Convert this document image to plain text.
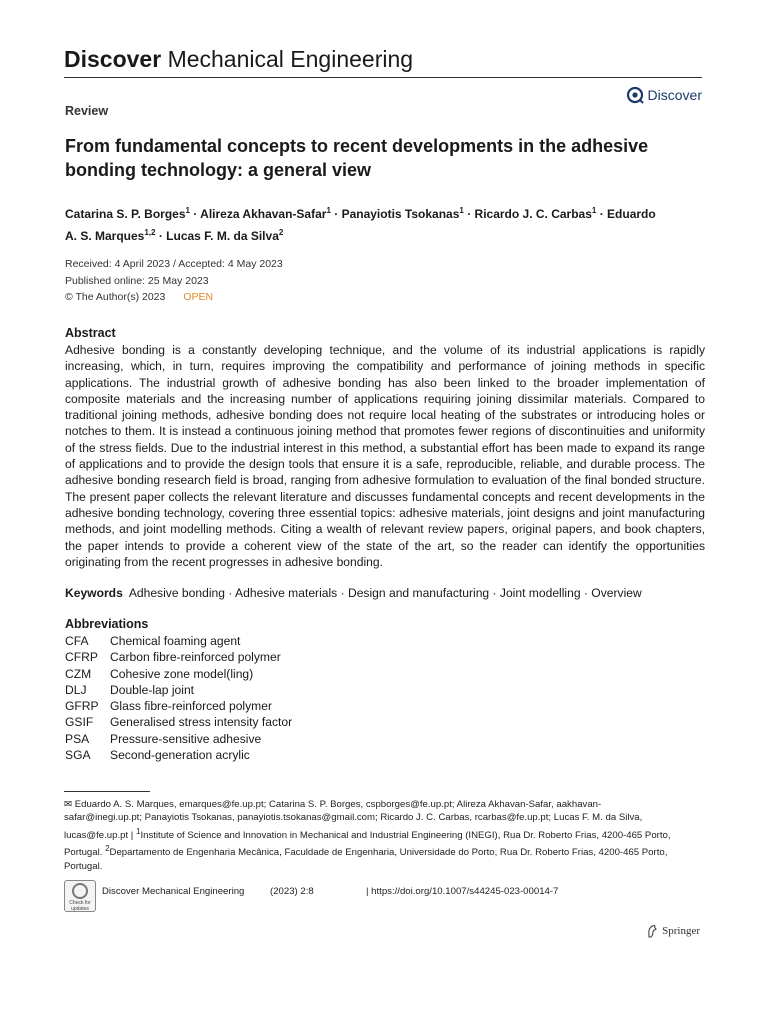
Discover Mechanical Engineering
Discover
Review
From fundamental concepts to recent developments in the adhesive bonding technology: a general view
Catarina S. P. Borges$^1$ · Alireza Akhavan-Safar$^1$ · Panayiotis Tsokanas$^1$ · Ricardo J. C. Carbas$^1$ · Eduardo A. S. Marques$^{1,2}$ · Lucas F. M. da Silva$^2$
Received: 4 April 2023 / Accepted: 4 May 2023
Published online: 25 May 2023
© The Author(s) 2023 OPEN
Abstract
Adhesive bonding is a constantly developing technique, and the volume of its industrial applications is rapidly increasing, which, in turn, requires improving the compatibility and performance of joining methods in specific applications. The industrial growth of adhesive bonding has also been linked to the broader implementation of composite materials and the increasing number of applications requiring joining dissimilar materials. Compared to traditional joining methods, adhesive bonding does not require local heating of the substrates or introducing holes or notches to them. It is instead a continuous joining method that promotes fewer regions of discontinuities and uniformity of the stress fields. Due to the industrial interest in this method, a substantial effort has been made to expand its range of applications and to provide the design tools that ensure it is a safe, reproducible, reliable, and durable process. The adhesive bonding research field is broad, ranging from adhesive formulation to evaluation of the final bonded structure. The present paper collects the relevant literature and discusses fundamental concepts and recent developments in the adhesive bonding technology, covering three essential topics: adhesive materials, joint designs and joint manufacturing methods, and joint modelling methods. Citing a wealth of relevant review papers, original papers, and book chapters, the paper intends to provide a coherent view of the state of the art, so the reader can identify the opportunities originating from the recent progresses in adhesive bonding.
Keywords Adhesive bonding · Adhesive materials · Design and manufacturing · Joint modelling · Overview
Abbreviations
CFA	Chemical foaming agent
CFRP Carbon fibre-reinforced polymer
CZM	Cohesive zone model(ling)
DLJ	Double-lap joint
GFRP Glass fibre-reinforced polymer
GSIF	Generalised stress intensity factor
PSA	Pressure-sensitive adhesive
SGA	Second-generation acrylic
✉ Eduardo A. S. Marques, emarques@fe.up.pt; Catarina S. P. Borges, cspborges@fe.up.pt; Alireza Akhavan-Safar, aakhavan-safar@inegi.up.pt; Panayiotis Tsokanas, panayiotis.tsokanas@gmail.com; Ricardo J. C. Carbas, rcarbas@fe.up.pt; Lucas F. M. da Silva, lucas@fe.up.pt | $^1$Institute of Science and Innovation in Mechanical and Industrial Engineering (INEGI), Rua Dr. Roberto Frias, 4200-465 Porto, Portugal. $^2$Departamento de Engenharia Mecânica, Faculdade de Engenharia, Universidade do Porto, Rua Dr. Roberto Frias, 4200-465 Porto, Portugal.
Check for updates
Discover Mechanical Engineering	(2023) 2:8	| https://doi.org/10.1007/s44245-023-00014-7
Springer
